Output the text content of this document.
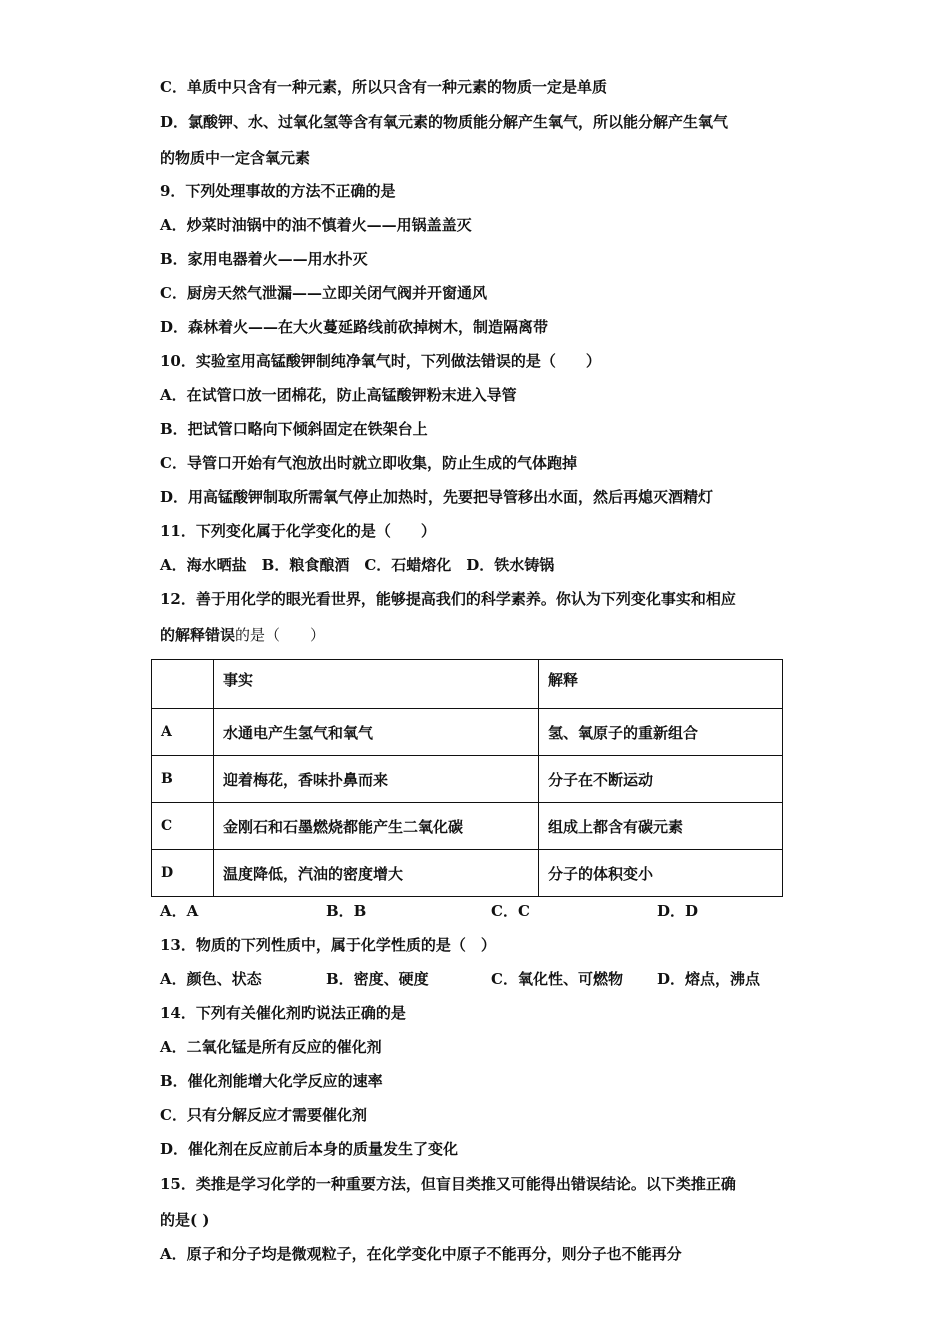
C．单质中只含有一种元素，所以只含有一种元素的物质一定是单质
D．氯酸钾、水、过氧化氢等含有氧元素的物质能分解产生氧气，所以能分解产生氧气
的物质中一定含氧元素
9．下列处理事故的方法不正确的是
A．炒菜时油锅中的油不慎着火——用锅盖盖灭
B．家用电器着火——用水扑灭
C．厨房天然气泄漏——立即关闭气阀并开窗通风
D．森林着火——在大火蔓延路线前砍掉树木，制造隔离带
10．实验室用高锰酸钾制纯净氧气时，下列做法错误的是（　　）
A．在试管口放一团棉花，防止高锰酸钾粉末进入导管
B．把试管口略向下倾斜固定在铁架台上
C．导管口开始有气泡放出时就立即收集，防止生成的气体跑掉
D．用高锰酸钾制取所需氧气停止加热时，先要把导管移出水面，然后再熄灭酒精灯
11．下列变化属于化学变化的是（　　）
A．海水晒盐　B．粮食酿酒　C．石蜡熔化　D．铁水铸锅
12．善于用化学的眼光看世界，能够提高我们的科学素养。你认为下列变化事实和相应
的解释错误的是（　　）
	事实	解释
A	水通电产生氢气和氧气	氢、氧原子的重新组合
B	迎着梅花，香味扑鼻而来	分子在不断运动
C	金刚石和石墨燃烧都能产生二氧化碳	组成上都含有碳元素
D	温度降低，汽油的密度增大	分子的体积变小
A．A	B．B	C．C	D．D
13．物质的下列性质中，属于化学性质的是（　）
A．颜色、状态	B．密度、硬度	C．氧化性、可燃物 D．熔点，沸点
14．下列有关催化剂旳说法正确的是
A．二氧化锰是所有反应的催化剂
B．催化剂能增大化学反应的速率
C．只有分解反应才需要催化剂
D．催化剂在反应前后本身的质量发生了变化
15．类推是学习化学的一种重要方法，但盲目类推又可能得出错误结论。以下类推正确
的是( )
A．原子和分子均是微观粒子，在化学变化中原子不能再分，则分子也不能再分
